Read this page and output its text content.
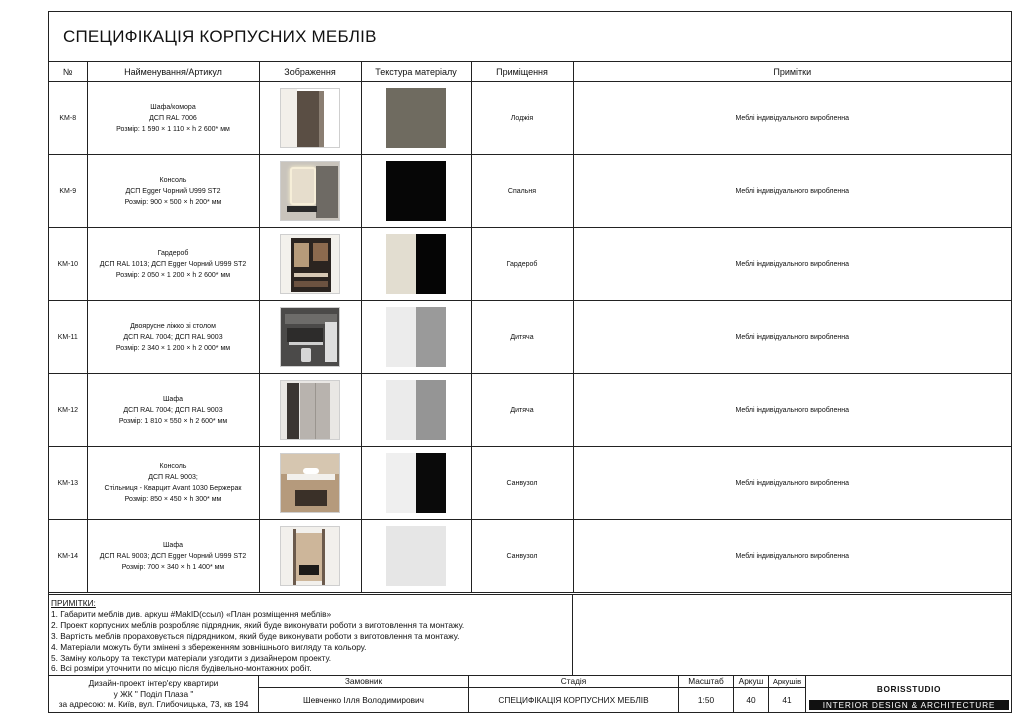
СПЕЦИФІКАЦІЯ КОРПУСНИХ МЕБЛІВ
№	Найменування/Артикул	Зображення	Текстура матеріалу	Приміщення	Примітки
KM-8	Шафа/комора
ДСП RAL 7006
Розмір: 1 590 × 1 110 × h 2 600* мм			Лоджія	Меблі індивідуального виробленна
KM-9	Консоль
ДСП Egger Чорний U999 ST2
Розмір: 900 × 500 × h 200* мм			Спальня	Меблі індивідуального виробленна
KM-10	Гардероб
ДСП RAL 1013; ДСП Egger Чорний U999 ST2
Розмір: 2 050 × 1 200 × h 2 600* мм			Гардероб	Меблі індивідуального виробленна
KM-11	Двоярусне ліжко зі столом
ДСП RAL 7004; ДСП RAL 9003
Розмір: 2 340 × 1 200 × h 2 000* мм			Дитяча	Меблі індивідуального виробленна
KM-12	Шафа
ДСП RAL 7004; ДСП RAL 9003
Розмір: 1 810 × 550 × h 2 600* мм			Дитяча	Меблі індивідуального виробленна
KM-13	Консоль
ДСП RAL 9003;
Стільниця - Кварцит Avant 1030 Бержерак
Розмір: 850 × 450 × h 300* мм			Санвузол	Меблі індивідуального виробленна
KM-14	Шафа
ДСП RAL 9003; ДСП Egger Чорний U999 ST2
Розмір: 700 × 340 × h 1 400* мм			Санвузол	Меблі індивідуального виробленна
ПРИМІТКИ:
1. Габарити меблів див. аркуш #MakID(ссыл) «План розміщення меблів»
2. Проект корпусних меблів розробляє підрядник, який буде виконувати роботи з виготовлення та монтажу.
3. Вартість меблів прораховується підрядником, який буде виконувати роботи з виготовлення та монтажу.
4. Матеріали можуть бути змінені з збереженням зовнішнього вигляду та кольору.
5. Заміну кольору та текстури матеріали узгодити з дизайнером проекту.
6. Всі розміри уточнити по місцю після будівельно-монтажних робіт.
Дизайн-проект інтер'єру квартири
у ЖК " Поділ Плаза "
за адресою: м. Київ, вул. Глибочицька, 73, кв 194
Замовник
Шевченко Ілля Володимирович
Стадія
СПЕЦИФІКАЦІЯ КОРПУСНИХ МЕБЛІВ
Масштаб
1:50
Аркуш
40
Аркушів
41
BORISSTUDIO
INTERIOR DESIGN & ARCHITECTURE
